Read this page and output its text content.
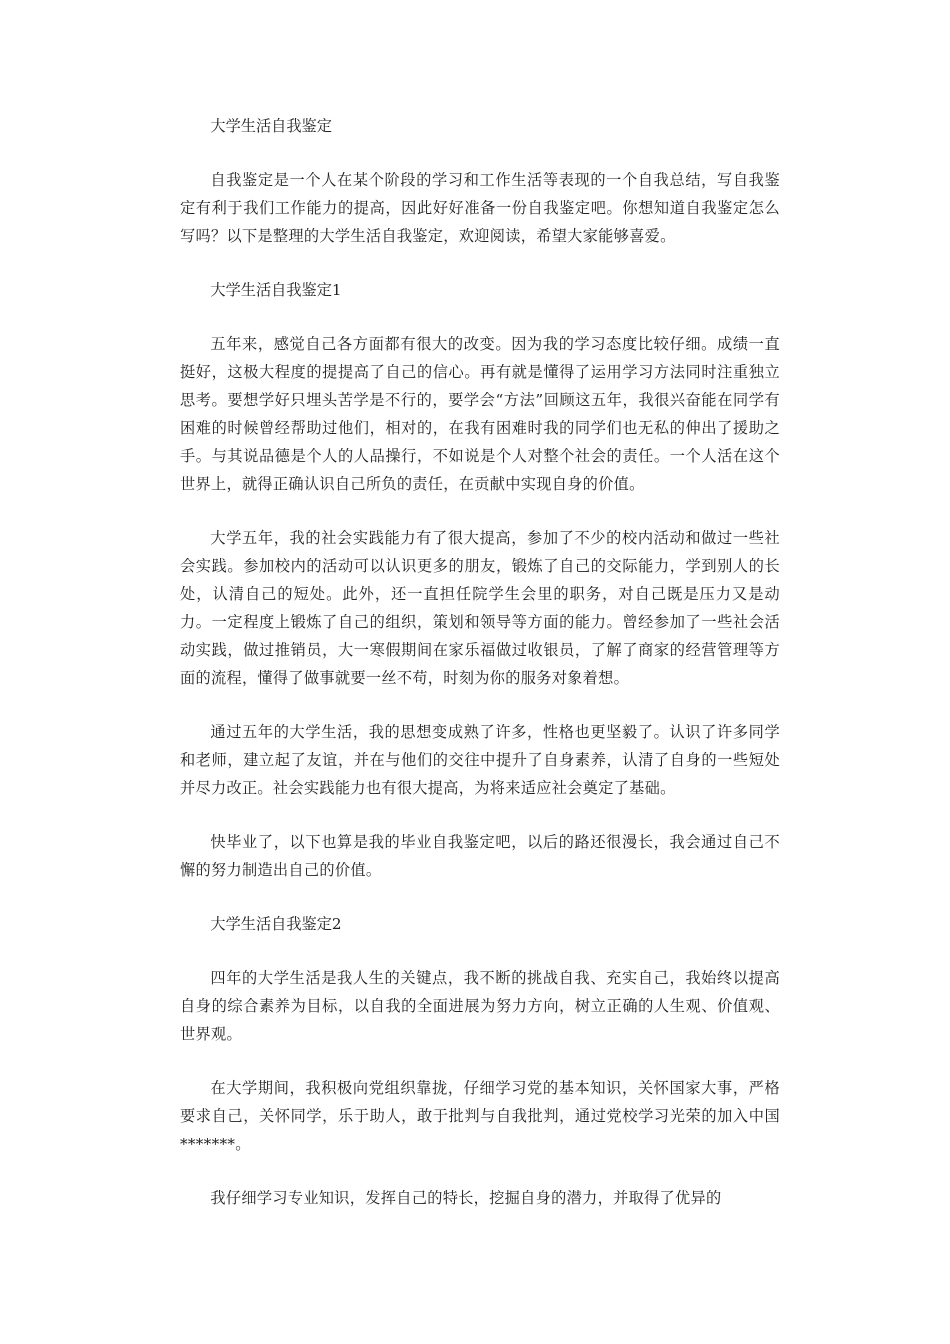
大学生活自我鉴定

自我鉴定是一个人在某个阶段的学习和工作生活等表现的一个自我总结，写自我鉴定有利于我们工作能力的提高，因此好好准备一份自我鉴定吧。你想知道自我鉴定怎么写吗？以下是整理的大学生活自我鉴定，欢迎阅读，希望大家能够喜爱。

大学生活自我鉴定1

五年来，感觉自己各方面都有很大的改变。因为我的学习态度比较仔细。成绩一直挺好，这极大程度的提提高了自己的信心。再有就是懂得了运用学习方法同时注重独立思考。要想学好只埋头苦学是不行的，要学会“方法”回顾这五年，我很兴奋能在同学有困难的时候曾经帮助过他们，相对的，在我有困难时我的同学们也无私的伸出了援助之手。与其说品德是个人的人品操行，不如说是个人对整个社会的责任。一个人活在这个世界上，就得正确认识自己所负的责任，在贡献中实现自身的价值。

大学五年，我的社会实践能力有了很大提高，参加了不少的校内活动和做过一些社会实践。参加校内的活动可以认识更多的朋友，锻炼了自己的交际能力，学到别人的长处，认清自己的短处。此外，还一直担任院学生会里的职务，对自己既是压力又是动力。一定程度上锻炼了自己的组织，策划和领导等方面的能力。曾经参加了一些社会活动实践，做过推销员，大一寒假期间在家乐福做过收银员，了解了商家的经营管理等方面的流程，懂得了做事就要一丝不苟，时刻为你的服务对象着想。

通过五年的大学生活，我的思想变成熟了许多，性格也更坚毅了。认识了许多同学和老师，建立起了友谊，并在与他们的交往中提升了自身素养，认清了自身的一些短处并尽力改正。社会实践能力也有很大提高，为将来适应社会奠定了基础。

快毕业了，以下也算是我的毕业自我鉴定吧，以后的路还很漫长，我会通过自己不懈的努力制造出自己的价值。

大学生活自我鉴定2

四年的大学生活是我人生的关键点，我不断的挑战自我、充实自己，我始终以提高自身的综合素养为目标，以自我的全面进展为努力方向，树立正确的人生观、价值观、世界观。

在大学期间，我积极向党组织靠拢，仔细学习党的基本知识，关怀国家大事，严格要求自己，关怀同学，乐于助人，敢于批判与自我批判，通过党校学习光荣的加入中国*******。

我仔细学习专业知识，发挥自己的特长，挖掘自身的潜力，并取得了优异的
